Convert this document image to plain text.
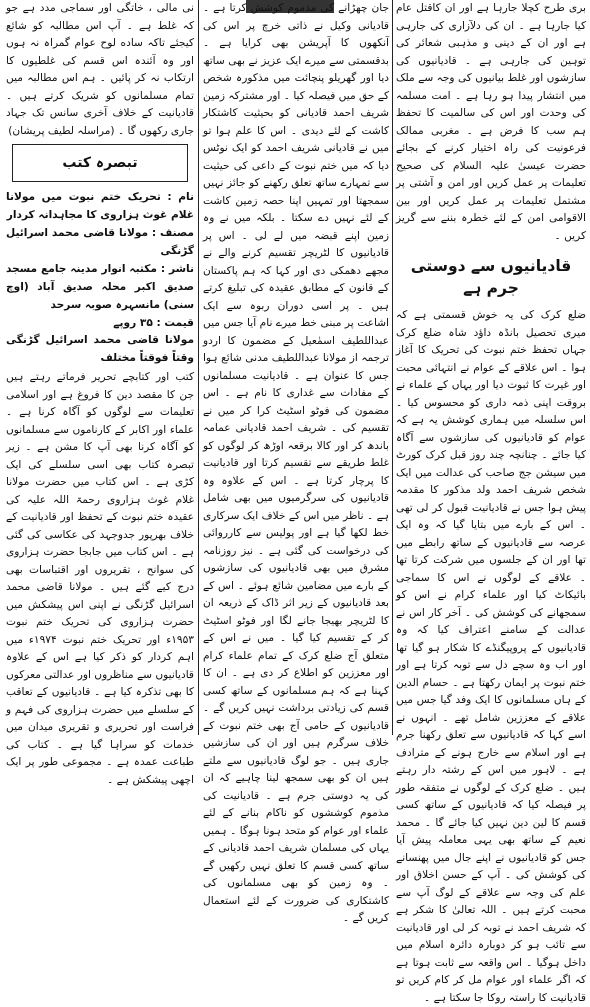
بری طرح کچلا جارہا ہے اور ان کاقتل عام کیا جارہا ہے ۔ ان کی دلآزاری کی جارہی ہے اور ان کے دینی و مذہبی شعائر کی توہین کی جارہی ہے ۔ قادیانیوں کی سازشوں اور غلط بیانیوں کی وجہ سے ملک میں انتشار پیدا ہو رہا ہے ۔ امت مسلمہ کی وحدت اور اس کی سالمیت کا تحفظ ہم سب کا فرض ہے ۔ مغربی ممالک فرعونیت کی راہ اختیار کرنے کے بجائے حضرت عیسیٰ علیہ السلام کی صحیح تعلیمات پر عمل کریں اور امن و آشتی پر مشتمل تعلیمات پر عمل کریں اور بین الاقوامی امن کے لئے خطرہ بننے سے گریز کریں ۔

قادیانیوں سے دوستی جرم ہے

ضلع کرک کی یہ خوش قسمتی ہے کہ میری تحصیل بانڈہ داؤد شاہ ضلع کرک جہاں تحفظ ختم نبوت کی تحریک کا آغاز ہوا ۔ اس علاقے کے عوام نے انتہائی محبت اور غیرت کا ثبوت دیا اور یہاں کے علماء نے بروقت اپنی ذمہ داری کو محسوس کیا ۔ اس سلسلہ میں ہماری کوشش یہ ہے کہ عوام کو قادیانیوں کی سازشوں سے آگاہ کیا جائے ۔ چنانچہ چند روز قبل کرک کورٹ میں سیشن جج صاحب کی عدالت میں ایک شخص شریف احمد ولد مذکور کا مقدمہ پیش ہوا جس نے قادیانیت قبول کر لی تھی ۔ اس کے بارے میں بتایا گیا کہ وہ ایک عرصہ سے قادیانیوں کے ساتھ رابطے میں تھا اور ان کے جلسوں میں شرکت کرتا تھا ۔ علاقے کے لوگوں نے اس کا سماجی بائیکاٹ کیا اور علماء کرام نے اس کو سمجھانے کی کوشش کی ۔ آخر کار اس نے عدالت کے سامنے اعتراف کیا کہ وہ قادیانیوں کے پروپیگنڈے کا شکار ہو گیا تھا اور اب وہ سچے دل سے توبہ کرتا ہے اور ختم نبوت پر ایمان رکھتا ہے ۔ حسام الدین کے ہاں مسلمانوں کا ایک وفد گیا جس میں علاقے کے معززین شامل تھے ۔ انہوں نے اسے کہا کہ قادیانیوں سے تعلق رکھنا جرم ہے اور اسلام سے خارج ہونے کے مترادف ہے ۔ لاہور میں اس کے رشتہ دار رہتے ہیں ۔ ضلع کرک کے لوگوں نے متفقہ طور پر فیصلہ کیا کہ قادیانیوں کے ساتھ کسی قسم کا لین دین نہیں کیا جائے گا ۔ محمد نعیم کے ساتھ بھی یہی معاملہ پیش آیا جس کو قادیانیوں نے اپنے جال میں پھنسانے کی کوشش کی ۔ آپ کے حسن اخلاق اور علم کی وجہ سے علاقے کے لوگ آپ سے محبت کرتے ہیں ۔ اللہ تعالیٰ کا شکر ہے کہ شریف احمد نے توبہ کر لی اور قادیانیت سے تائب ہو کر دوبارہ دائرہ اسلام میں داخل ہوگیا ۔ اس واقعہ سے ثابت ہوتا ہے کہ اگر علماء اور عوام مل کر کام کریں تو قادیانیت کا راستہ روکا جا سکتا ہے ۔

جان چھڑانے کی مذموم کوشش کرتا ہے ۔ قادیانی وکیل نے ذاتی خرچ پر اس کی آنکھوں کا آپریشن بھی کرایا ہے ۔ بدقسمتی سے میرے ایک عزیز نے بھی ساتھ دیا اور گھریلو پنچائت میں مذکورہ شخص کے حق میں فیصلہ کیا ۔ اور مشترکہ زمین شریف احمد قادیانی کو بحیثیت کاشتکار کاشت کے لئے دیدی ۔ اس کا علم ہوا تو میں نے قادیانی شریف احمد کو ایک نوٹس دیا کہ میں ختم نبوت کے داعی کی حیثیت سے تمہارے ساتھ تعلق رکھنے کو جائز نہیں سمجھتا اور تمہیں اپنا حصہ زمین کاشت کے لئے نہیں دے سکتا ۔ بلکہ میں نے وہ زمین اپنے قبضہ میں لے لی ۔ اس پر قادیانیوں کا لٹریچر تقسیم کرنے والے نے مجھے دھمکی دی اور کہا کہ ہم پاکستان کے قانون کے مطابق عقیدہ کی تبلیغ کرتے ہیں ۔ پر اسی دوران ربوہ سے ایک اشاعت پر مبنی خط میرے نام آیا جس میں عبداللطیف اسمٰعیل کے مضمون کا اردو ترجمہ از مولانا عبداللطیف مدنی شائع ہوا جس کا عنوان ہے ۔ قادیانیت مسلمانوں کے مفادات سے غداری کا نام ہے ۔ اس مضمون کی فوٹو اسٹیٹ کرا کر میں نے تقسیم کی ۔ شریف احمد قادیانی عمامہ باندھ کر اور کالا برقعہ اوڑھ کر لوگوں کو غلط طریقے سے تقسیم کرتا اور قادیانیت کا پرچار کرتا ہے ۔ اس کے علاوہ وہ قادیانیوں کی سرگرمیوں میں بھی شامل ہے ۔ ناظر میں اس کے خلاف ایک سرکاری خط لکھا گیا ہے اور پولیس سے کارروائی کی درخواست کی گئی ہے ۔ نیز روزنامہ مشرق میں بھی قادیانیوں کی سازشوں کے بارے میں مضامین شائع ہوئے ۔ اس کے بعد قادیانیوں کے زیر اثر ڈاک کے ذریعہ ان کا لٹریچر بھیجا جانے لگا اور فوٹو اسٹیٹ کر کے تقسیم کیا گیا ۔ میں نے اس کے متعلق آج ضلع کرک کے تمام علماء کرام اور معززین کو اطلاع کر دی ہے ۔ ان کا کہنا ہے کہ ہم مسلمانوں کے ساتھ کسی قسم کی زیادتی برداشت نہیں کریں گے ۔ قادیانیوں کے حامی آج بھی ختم نبوت کے خلاف سرگرم ہیں اور ان کی سازشیں جاری ہیں ۔ جو لوگ قادیانیوں سے ملتے ہیں ان کو بھی سمجھ لینا چاہیے کہ ان کی یہ دوستی جرم ہے ۔ قادیانیت کی مذموم کوششوں کو ناکام بنانے کے لئے علماء اور عوام کو متحد ہونا ہوگا ۔ ہمیں یہاں کی مسلمان شریف احمد قادیانی کے ساتھ کسی قسم کا تعلق نہیں رکھیں گے ۔ وہ زمین کو بھی مسلمانوں کی کاشتکاری کی ضرورت کے لئے استعمال کریں گے ۔

نی مالی ، خاتگی اور سماجی مدد ہے جو کہ غلط ہے ۔ آپ اس مطالبہ کو شائع کیجئے تاکہ ساده لوح عوام گمراہ نہ ہوں اور وہ آئندہ اس قسم کی غلطیوں کا ارتکاب نہ کر پائیں ۔ ہم اس مطالبہ میں تمام مسلمانوں کو شریک کرتے ہیں ۔ قادیانیت کے خلاف آخری سانس تک جہاد جاری رکھوں گا ۔ (مراسلہ لطیف پریشان)

تبصرہ کتب

نام : تحریک ختم نبوت میں مولانا غلام غوث ہزاروی کا مجاہدانہ کردار

مصنف : مولانا قاضی محمد اسرائیل گڑنگی

ناشر : مکتبہ انوار مدینہ جامع مسجد صدیق اکبر محلہ صدیق آباد (اوچ سنی) مانسہرہ صوبہ سرحد

قیمت : ۳۵ روپے

مولانا قاضی محمد اسرائیل گڑنگی وقتاً فوقتاً مختلف

کتب اور کتابچے تحریر فرماتے رہتے ہیں جن کا مقصد دین کا فروغ ہے اور اسلامی تعلیمات سے لوگوں کو آگاہ کرنا ہے ۔ علماء اور اکابر کے کارناموں سے مسلمانوں کو آگاہ کرنا بھی آپ کا مشن ہے ۔ زیر تبصرہ کتاب بھی اسی سلسلے کی ایک کڑی ہے ۔ اس کتاب میں حضرت مولانا غلام غوث ہزاروی رحمۃ اللہ علیہ کی عقیدہ ختم نبوت کے تحفظ اور قادیانیت کے خلاف بھرپور جدوجہد کی عکاسی کی گئی ہے ۔ اس کتاب میں جابجا حضرت ہزاروی کی سوانح ، تقریروں اور اقتباسات بھی درج کیے گئے ہیں ۔ مولانا قاضی محمد اسرائیل گڑنگی نے اپنی اس پیشکش میں حضرت ہزاروی کی تحریک ختم نبوت ۱۹۵۳ء اور تحریک ختم نبوت ۱۹۷۴ء میں اہم کردار کو ذکر کیا ہے اس کے علاوہ قادیانیوں سے مناظروں اور عدالتی معرکوں کا بھی تذکرہ کیا ہے ۔ قادیانیوں کے تعاقب کے سلسلے میں حضرت ہزاروی کی فہم و فراست اور تحریری و تقریری میدان میں خدمات کو سراہا گیا ہے ۔ کتاب کی طباعت عمدہ ہے ۔ مجموعی طور پر ایک اچھی پیشکش ہے ۔
